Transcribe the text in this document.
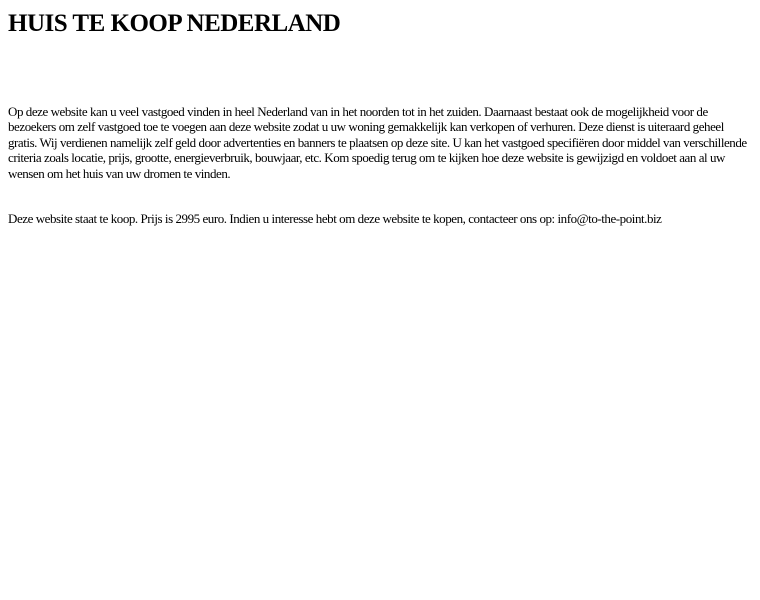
HUIS TE KOOP NEDERLAND

Op deze website kan u veel vastgoed vinden in heel Nederland van in het noorden tot in het zuiden. Daarnaast bestaat ook de mogelijkheid voor de bezoekers om zelf vastgoed toe te voegen aan deze website zodat u uw woning gemakkelijk kan verkopen of verhuren. Deze dienst is uiteraard geheel gratis. Wij verdienen namelijk zelf geld door advertenties en banners te plaatsen op deze site. U kan het vastgoed specifiëren door middel van verschillende criteria zoals locatie, prijs, grootte, energieverbruik, bouwjaar, etc. Kom spoedig terug om te kijken hoe deze website is gewijzigd en voldoet aan al uw wensen om het huis van uw dromen te vinden.

Deze website staat te koop. Prijs is 2995 euro. Indien u interesse hebt om deze website te kopen, contacteer ons op: info@to-the-point.biz
